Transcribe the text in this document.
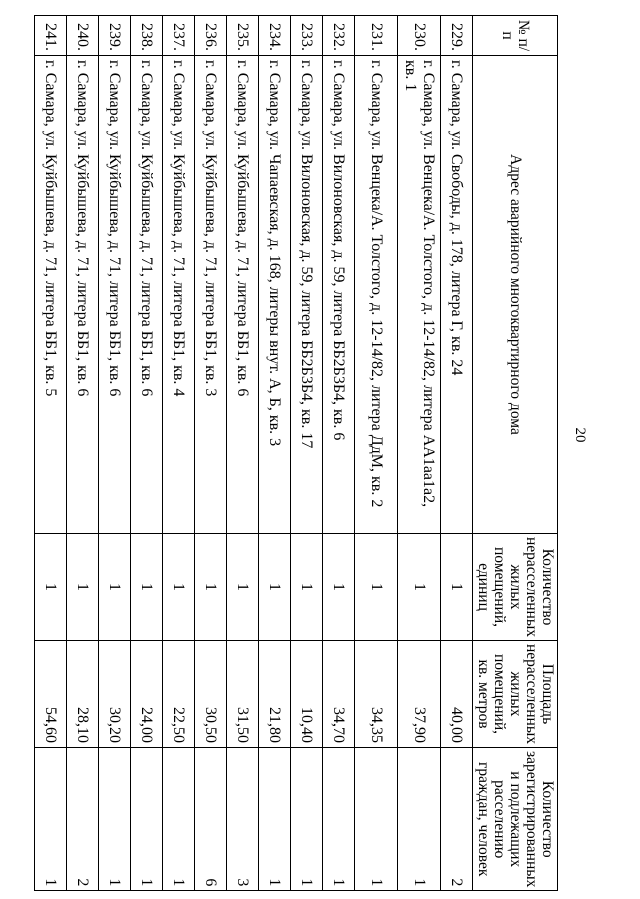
20
№ п/п	Адрес аварийного многоквартирного дома	Количество нерасселенных жилых помещений, единиц	Площадь нерасселенных жилых помещений, кв. метров	Количество зарегистрированных и подлежащих расселению граждан, человек
229.	г. Самара, ул. Свободы, д. 178, литера Г, кв. 24	1	40,00	2
230.	г. Самара, ул. Венцека/А. Толстого, д. 12-14/82, литера АА1аа1а2, кв. 1	1	37,90	1
231.	г. Самара, ул. Венцека/А. Толстого, д. 12-14/82, литера ДдМ, кв. 2	1	34,35	1
232.	г. Самара, ул. Вилоновская, д. 59, литера ББ2Б3Б4, кв. 6	1	34,70	1
233.	г. Самара, ул. Вилоновская, д. 59, литера ББ2Б3Б4, кв. 17	1	10,40	1
234.	г. Самара, ул. Чапаевская, д. 168, литеры внут. А, Б, кв. 3	1	21,80	1
235.	г. Самара, ул. Куйбышева, д. 71, литера ББ1, кв. 6	1	31,50	3
236.	г. Самара, ул. Куйбышева, д. 71, литера ББ1, кв. 3	1	30,50	6
237.	г. Самара, ул. Куйбышева, д. 71, литера ББ1, кв. 4	1	22,50	1
238.	г. Самара, ул. Куйбышева, д. 71, литера ББ1, кв. 6	1	24,00	1
239.	г. Самара, ул. Куйбышева, д. 71, литера ББ1, кв. 6	1	30,20	1
240.	г. Самара, ул. Куйбышева, д. 71, литера ББ1, кв. 6	1	28,10	2
241.	г. Самара, ул. Куйбышева, д. 71, литера ББ1, кв. 5	1	54,60	1
